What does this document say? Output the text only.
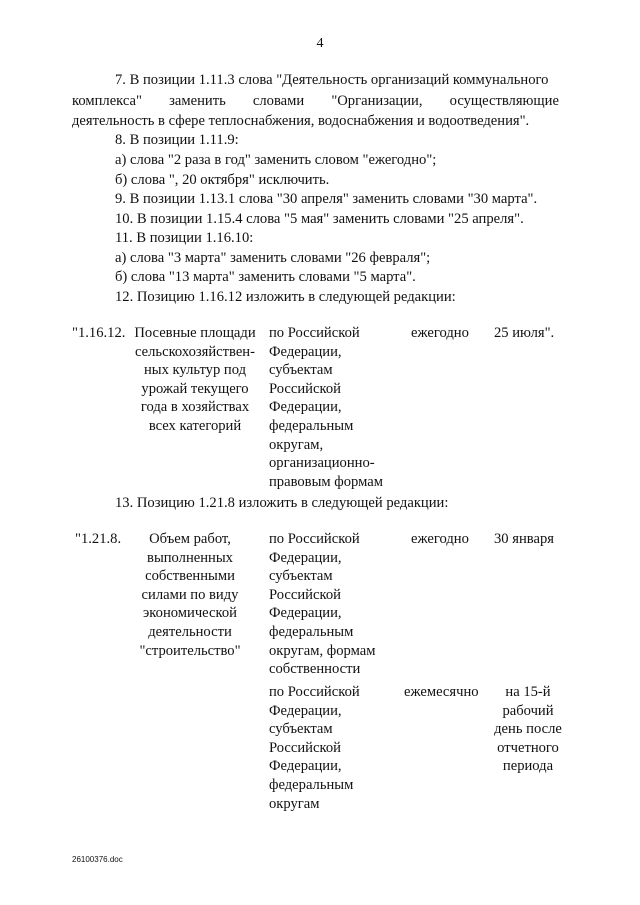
4
7. В позиции 1.11.3 слова "Деятельность организаций коммунального
комплекса" заменить словами "Организации, осуществляющие
деятельность в сфере теплоснабжения, водоснабжения и водоотведения".
8. В позиции 1.11.9:
а) слова "2 раза в год" заменить словом "ежегодно";
б) слова ", 20 октября" исключить.
9. В позиции 1.13.1 слова "30 апреля" заменить словами "30 марта".
10. В позиции 1.15.4 слова "5 мая" заменить словами "25 апреля".
11. В позиции 1.16.10:
а) слова "3 марта" заменить словами "26 февраля";
б) слова "13 марта" заменить словами "5 марта".
12. Позицию 1.16.12 изложить в следующей редакции:
"1.16.12. Посевные площади
сельскохозяйствен-
ных культур под
урожай текущего
года в хозяйствах
всех категорий
по Российской
Федерации,
субъектам
Российской
Федерации,
федеральным
округам,
организационно-
правовым формам
ежегодно 25 июля".
13. Позицию 1.21.8 изложить в следующей редакции:
"1.21.8.	Объем работ,
выполненных
собственными
силами по виду
экономической
деятельности
"строительство"
по Российской
Федерации,
субъектам
Российской
Федерации,
федеральным
округам, формам
собственности
ежегодно 30 января
по Российской
Федерации,
субъектам
Российской
Федерации,
федеральным
округам
ежемесячно	на 15-й
рабочий
день после
отчетного
периода
26100376.doc
